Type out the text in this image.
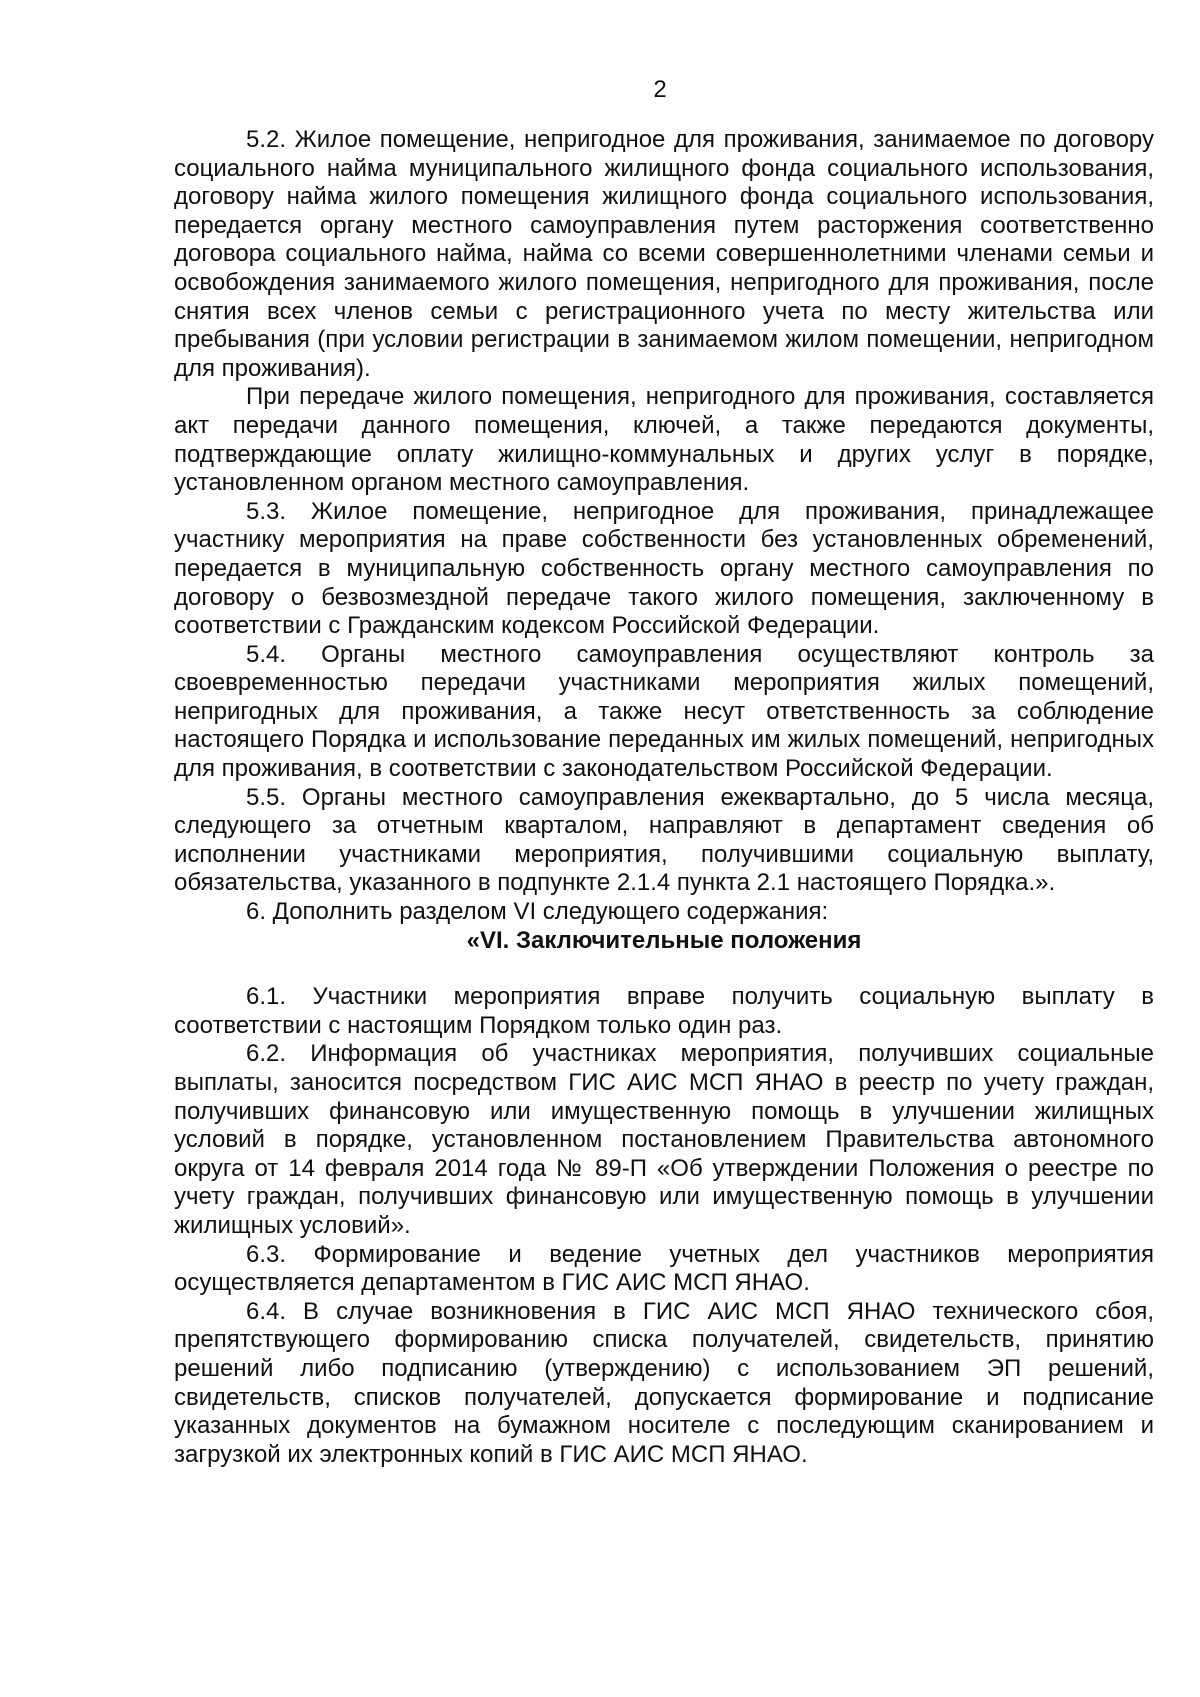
2

5.2. Жилое помещение, непригодное для проживания, занимаемое по договору социального найма муниципального жилищного фонда социального использования, договору найма жилого помещения жилищного фонда социального использования, передается органу местного самоуправления путем расторжения соответственно договора социального найма, найма со всеми совершеннолетними членами семьи и освобождения занимаемого жилого помещения, непригодного для проживания, после снятия всех членов семьи с регистрационного учета по месту жительства или пребывания (при условии регистрации в занимаемом жилом помещении, непригодном для проживания).

При передаче жилого помещения, непригодного для проживания, составляется акт передачи данного помещения, ключей, а также передаются документы, подтверждающие оплату жилищно-коммунальных и других услуг в порядке, установленном органом местного самоуправления.

5.3. Жилое помещение, непригодное для проживания, принадлежащее участнику мероприятия на праве собственности без установленных обременений, передается в муниципальную собственность органу местного самоуправления по договору о безвозмездной передаче такого жилого помещения, заключенному в соответствии с Гражданским кодексом Российской Федерации.

5.4. Органы местного самоуправления осуществляют контроль за своевременностью передачи участниками мероприятия жилых помещений, непригодных для проживания, а также несут ответственность за соблюдение настоящего Порядка и использование переданных им жилых помещений, непригодных для проживания, в соответствии с законодательством Российской Федерации.

5.5. Органы местного самоуправления ежеквартально, до 5 числа месяца, следующего за отчетным кварталом, направляют в департамент сведения об исполнении участниками мероприятия, получившими социальную выплату, обязательства, указанного в подпункте 2.1.4 пункта 2.1 настоящего Порядка.».

6. Дополнить разделом VI следующего содержания:

«VI. Заключительные положения

6.1. Участники мероприятия вправе получить социальную выплату в соответствии с настоящим Порядком только один раз.

6.2. Информация об участниках мероприятия, получивших социальные выплаты, заносится посредством ГИС АИС МСП ЯНАО в реестр по учету граждан, получивших финансовую или имущественную помощь в улучшении жилищных условий в порядке, установленном постановлением Правительства автономного округа от 14 февраля 2014 года № 89-П «Об утверждении Положения о реестре по учету граждан, получивших финансовую или имущественную помощь в улучшении жилищных условий».

6.3. Формирование и ведение учетных дел участников мероприятия осуществляется департаментом в ГИС АИС МСП ЯНАО.

6.4. В случае возникновения в ГИС АИС МСП ЯНАО технического сбоя, препятствующего формированию списка получателей, свидетельств, принятию решений либо подписанию (утверждению) с использованием ЭП решений, свидетельств, списков получателей, допускается формирование и подписание указанных документов на бумажном носителе с последующим сканированием и загрузкой их электронных копий в ГИС АИС МСП ЯНАО.
